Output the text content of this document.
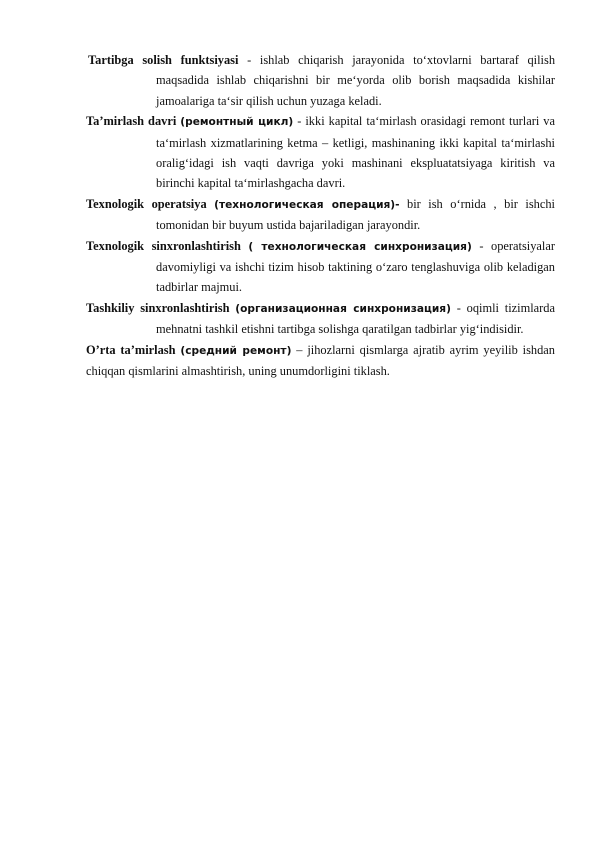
Tartibga solish funktsiyasi - ishlab chiqarish jarayonida to‘xtovlarni bartaraf qilish maqsadida ishlab chiqarishni bir me‘yorda olib borish maqsadida kishilar jamoalariga ta‘sir qilish uchun yuzaga keladi.

Ta’mirlash davri (ремонтный цикл) - ikki kapital ta‘mirlash orasidagi remont turlari va ta‘mirlash xizmatlarining ketma – ketligi, mashinaning ikki kapital ta‘mirlashi oralig‘idagi ish vaqti davriga yoki mashinani ekspluatatsiyaga kiritish va birinchi kapital ta‘mirlashgacha davri.

Texnologik operatsiya (технологическая операция)- bir ish o‘rnida , bir ishchi tomonidan bir buyum ustida bajariladigan jarayondir.

Texnologik sinxronlashtirish ( технологическая синхронизация) - operatsiyalar davomiyligi va ishchi tizim hisob taktining o‘zaro tenglashuviga olib keladigan tadbirlar majmui.

Tashkiliy sinxronlashtirish (организационная синхронизация) - oqimli tizimlarda mehnatni tashkil etishni tartibga solishga qaratilgan tadbirlar yig‘indisidir.

O’rta ta’mirlash (средний ремонт) – jihozlarni qismlarga ajratib ayrim yeyilib ishdan chiqqan qismlarini almashtirish, uning unumdorligini tiklash.
